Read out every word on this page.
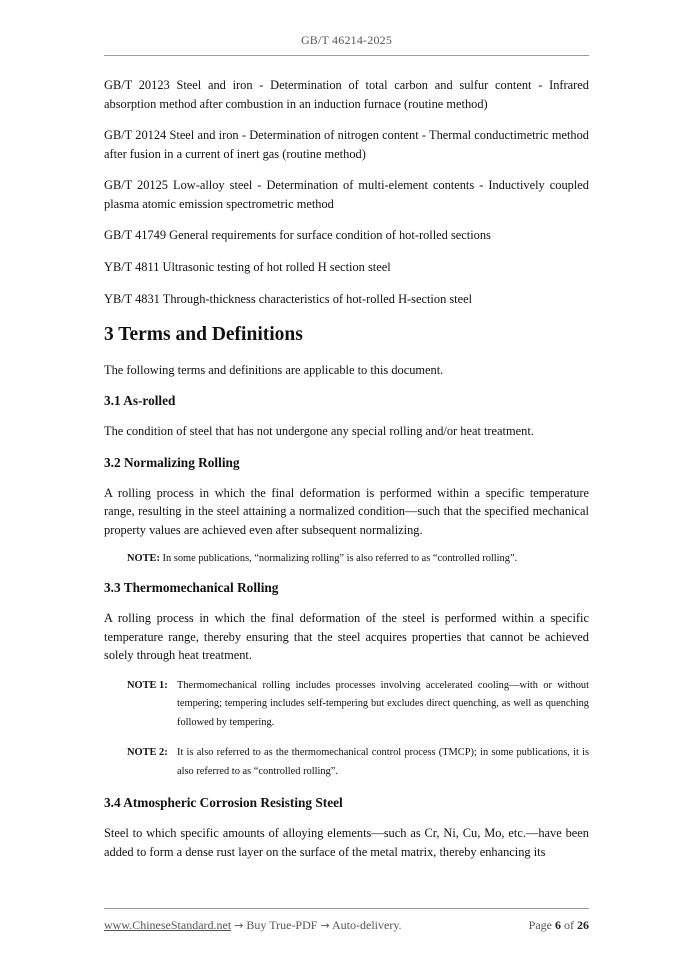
GB/T 46214-2025

GB/T 20123 Steel and iron - Determination of total carbon and sulfur content - Infrared absorption method after combustion in an induction furnace (routine method)

GB/T 20124 Steel and iron - Determination of nitrogen content - Thermal conductimetric method after fusion in a current of inert gas (routine method)

GB/T 20125 Low-alloy steel - Determination of multi-element contents - Inductively coupled plasma atomic emission spectrometric method

GB/T 41749 General requirements for surface condition of hot-rolled sections

YB/T 4811 Ultrasonic testing of hot rolled H section steel

YB/T 4831 Through-thickness characteristics of hot-rolled H-section steel

3 Terms and Definitions

The following terms and definitions are applicable to this document.

3.1 As-rolled

The condition of steel that has not undergone any special rolling and/or heat treatment.

3.2 Normalizing Rolling

A rolling process in which the final deformation is performed within a specific temperature range, resulting in the steel attaining a normalized condition—such that the specified mechanical property values are achieved even after subsequent normalizing.

NOTE: In some publications, “normalizing rolling” is also referred to as “controlled rolling”.

3.3 Thermomechanical Rolling

A rolling process in which the final deformation of the steel is performed within a specific temperature range, thereby ensuring that the steel acquires properties that cannot be achieved solely through heat treatment.

NOTE 1: Thermomechanical rolling includes processes involving accelerated cooling—with or without tempering; tempering includes self-tempering but excludes direct quenching, as well as quenching followed by tempering.
NOTE 2: It is also referred to as the thermomechanical control process (TMCP); in some publications, it is also referred to as “controlled rolling”.
3.4 Atmospheric Corrosion Resisting Steel

Steel to which specific amounts of alloying elements—such as Cr, Ni, Cu, Mo, etc.—have been added to form a dense rust layer on the surface of the metal matrix, thereby enhancing its

www.ChineseStandard.net → Buy True-PDF → Auto-delivery.	Page 6 of 26
